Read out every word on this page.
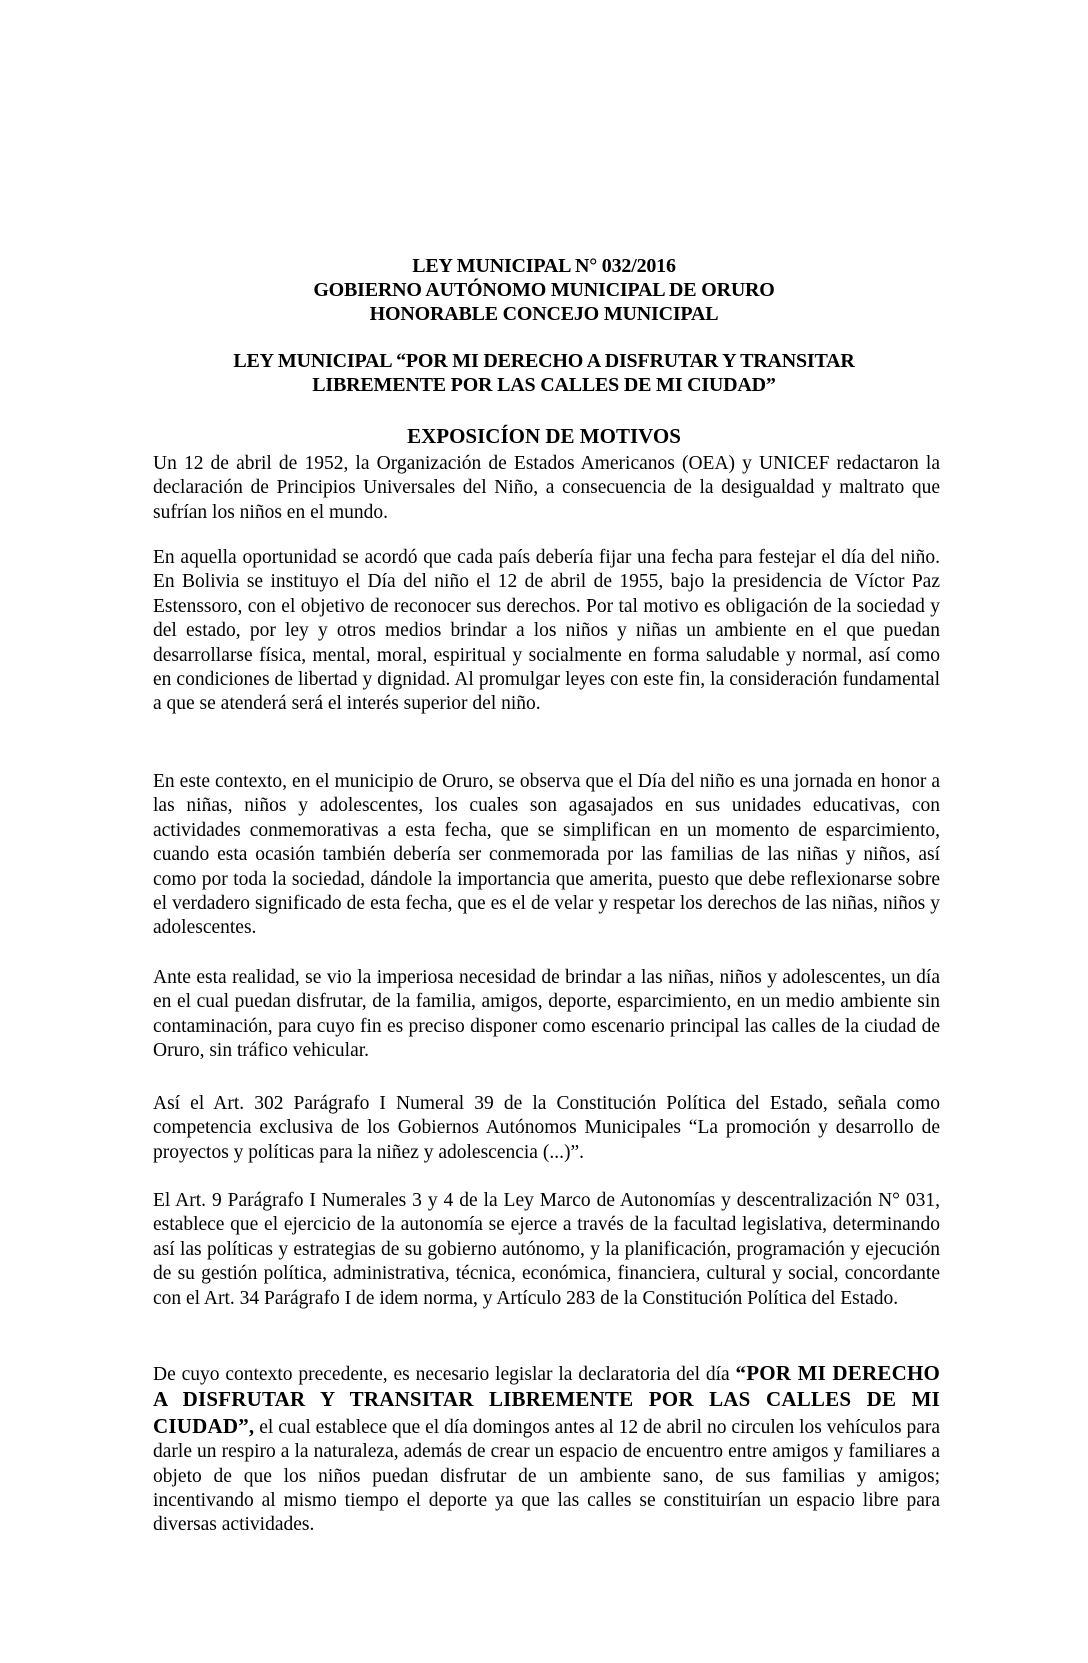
LEY MUNICIPAL N° 032/2016
GOBIERNO AUTÓNOMO MUNICIPAL DE ORURO
HONORABLE CONCEJO MUNICIPAL
LEY MUNICIPAL “POR MI DERECHO A DISFRUTAR Y TRANSITAR
LIBREMENTE POR LAS CALLES DE MI CIUDAD”
EXPOSICÍON DE MOTIVOS

Un 12 de abril de 1952, la Organización de Estados Americanos (OEA) y UNICEF redactaron la declaración de Principios Universales del Niño, a consecuencia de la desigualdad y maltrato que sufrían los niños en el mundo.

En aquella oportunidad se acordó que cada país debería fijar una fecha para festejar el día del niño. En Bolivia se instituyo el Día del niño el 12 de abril de 1955, bajo la presidencia de Víctor Paz Estenssoro, con el objetivo de reconocer sus derechos. Por tal motivo es obligación de la sociedad y del estado, por ley y otros medios brindar a los niños y niñas un ambiente en el que puedan desarrollarse física, mental, moral, espiritual y socialmente en forma saludable y normal, así como en condiciones de libertad y dignidad. Al promulgar leyes con este fin, la consideración fundamental a que se atenderá será el interés superior del niño.

En este contexto, en el municipio de Oruro, se observa que el Día del niño es una jornada en honor a las niñas, niños y adolescentes, los cuales son agasajados en sus unidades educativas, con actividades conmemorativas a esta fecha, que se simplifican en un momento de esparcimiento, cuando esta ocasión también debería ser conmemorada por las familias de las niñas y niños, así como por toda la sociedad, dándole la importancia que amerita, puesto que debe reflexionarse sobre el verdadero significado de esta fecha, que es el de velar y respetar los derechos de las niñas, niños y adolescentes.

Ante esta realidad, se vio la imperiosa necesidad de brindar a las niñas, niños y adolescentes, un día en el cual puedan disfrutar, de la familia, amigos, deporte, esparcimiento, en un medio ambiente sin contaminación, para cuyo fin es preciso disponer como escenario principal las calles de la ciudad de Oruro, sin tráfico vehicular.

Así el Art. 302 Parágrafo I Numeral 39 de la Constitución Política del Estado, señala como competencia exclusiva de los Gobiernos Autónomos Municipales “La promoción y desarrollo de proyectos y políticas para la niñez y adolescencia (...)”.

El Art. 9 Parágrafo I Numerales 3 y 4 de la Ley Marco de Autonomías y descentralización N° 031, establece que el ejercicio de la autonomía se ejerce a través de la facultad legislativa, determinando así las políticas y estrategias de su gobierno autónomo, y la planificación, programación y ejecución de su gestión política, administrativa, técnica, económica, financiera, cultural y social, concordante con el Art. 34 Parágrafo I de idem norma, y Artículo 283 de la Constitución Política del Estado.

De cuyo contexto precedente, es necesario legislar la declaratoria del día “POR MI DERECHO A DISFRUTAR Y TRANSITAR LIBREMENTE POR LAS CALLES DE MI CIUDAD”, el cual establece que el día domingos antes al 12 de abril no circulen los vehículos para darle un respiro a la naturaleza, además de crear un espacio de encuentro entre amigos y familiares a objeto de que los niños puedan disfrutar de un ambiente sano, de sus familias y amigos; incentivando al mismo tiempo el deporte ya que las calles se constituirían un espacio libre para diversas actividades.
